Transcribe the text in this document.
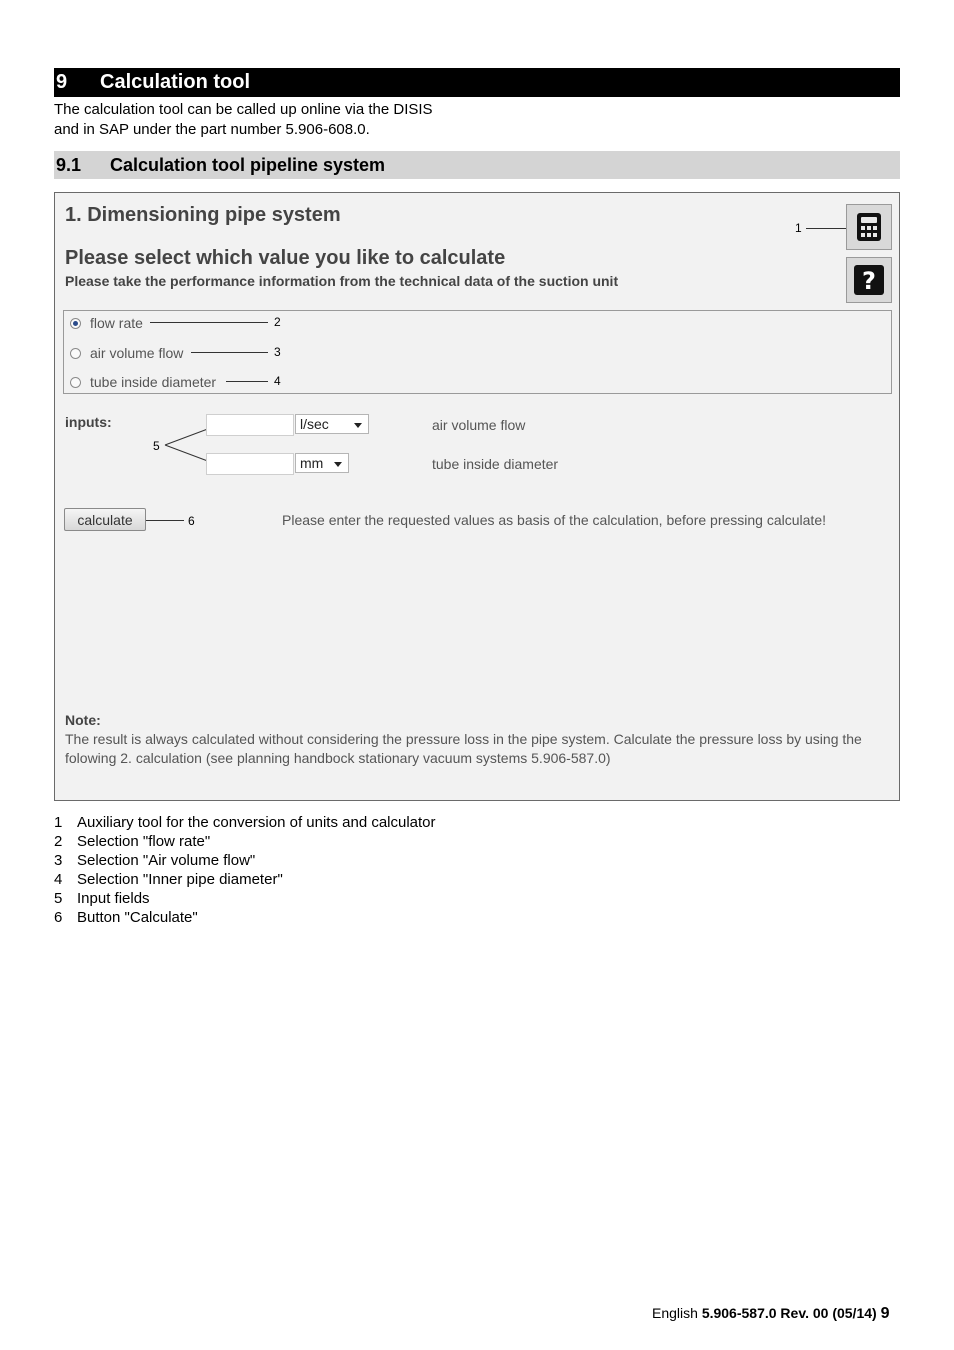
9 Calculation tool
The calculation tool can be called up online via the DISIS
and in SAP under the part number 5.906-608.0.
9.1 Calculation tool pipeline system
1. Dimensioning pipe system
Please select which value you like to calculate
Please take the performance information from the technical data of the suction unit
1
?
flow rate	2
air volume flow	3
tube inside diameter	4
inputs:
5
l/sec	air volume flow
mm	tube inside diameter
calculate	6	Please enter the requested values as basis of the calculation, before pressing calculate!
Note:
The result is always calculated without considering the pressure loss in the pipe system. Calculate the pressure loss by using the folowing 2. calculation (see planning handbock stationary vacuum systems 5.906-587.0)
1 Auxiliary tool for the conversion of units and calculator
2 Selection "flow rate"
3 Selection "Air volume flow"
4 Selection "Inner pipe diameter"
5 Input fields
6 Button "Calculate"
English 5.906-587.0 Rev. 00 (05/14) 9
